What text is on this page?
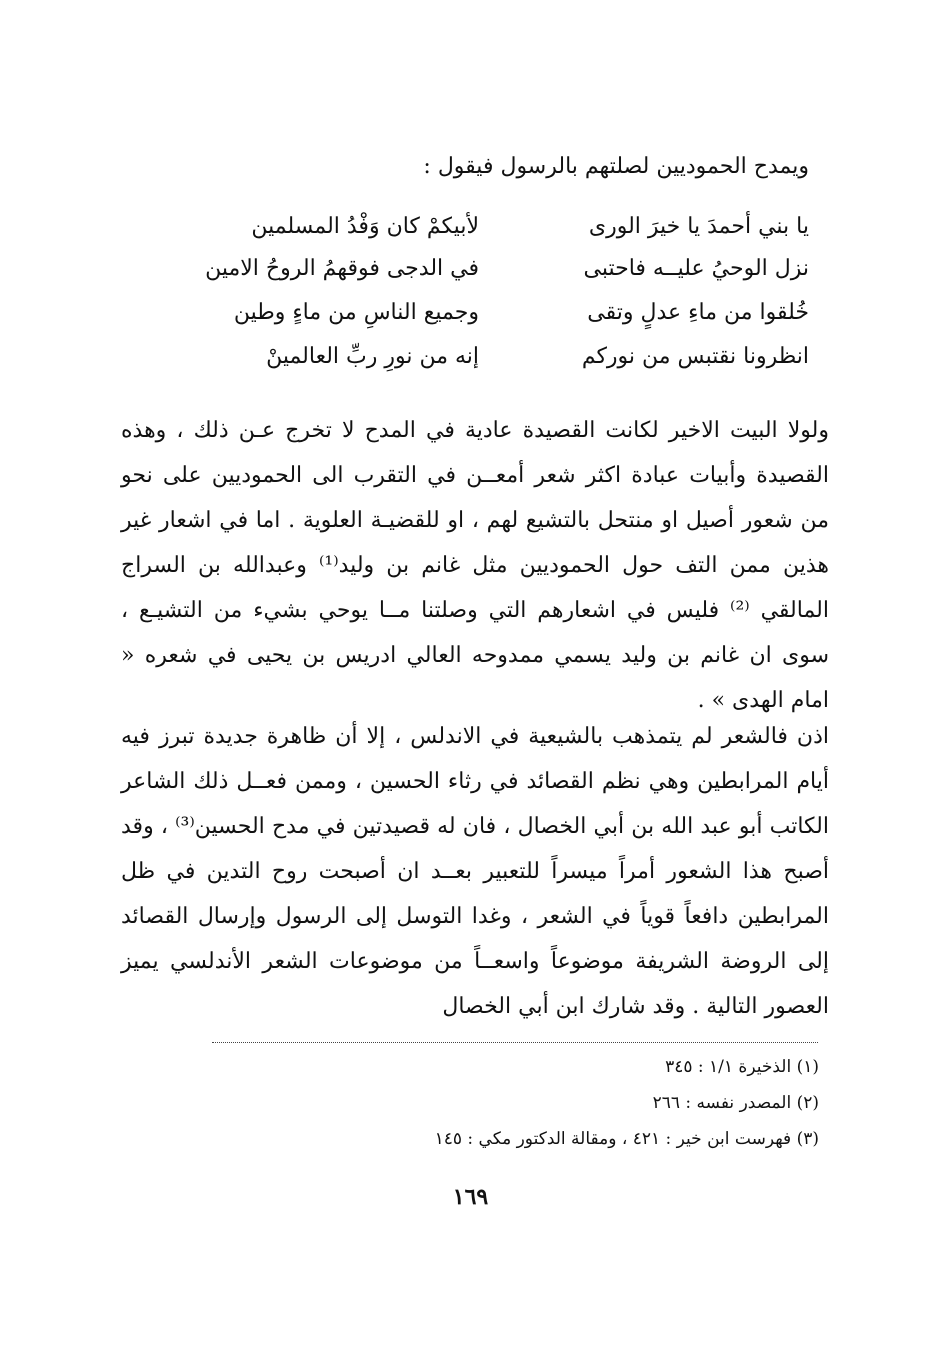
ويمدح الحموديين لصلتهم بالرسول فيقول :
يا بني أحمدَ يا خيرَ الورى
لأبيكمْ كان وَفْدُ المسلمين
نزل الوحيُ عليــه فاحتبى
في الدجى فوقهمُ الروحُ الامين
خُلقوا من ماءِ عدلٍ وتقى
وجميع الناسِ من ماءٍ وطين
انظرونا نقتبس من نوركم
إنه من نورِ ربِّ العالمينْ

ولولا البيت الاخير لكانت القصيدة عادية في المدح لا تخرج عـن ذلك ، وهذه القصيدة وأبيات عبادة اكثر شعر أمعــن في التقرب الى الحموديين على نحو من شعور أصيل او منتحل بالتشيع لهم ، او للقضيـة العلوية . اما في اشعار غير هذين ممن التف حول الحموديين مثل غانم بن وليد⁽¹⁾ وعبدالله بن السراج المالقي ⁽²⁾ فليس في اشعارهم التي وصلتنا مــا يوحي بشيء من التشيـع ، سوى ان غانم بن وليد يسمي ممدوحه العالي ادريس بن يحيى في شعره « امام الهدى » .

اذن فالشعر لم يتمذهب بالشيعية في الاندلس ، إلا أن ظاهرة جديدة تبرز فيه أيام المرابطين وهي نظم القصائد في رثاء الحسين ، وممن فعــل ذلك الشاعر الكاتب أبو عبد الله بن أبي الخصال ، فان له قصيدتين في مدح الحسين⁽³⁾ ، وقد أصبح هذا الشعور أمراً ميسراً للتعبير بعــد ان أصبحت روح التدين في ظل المرابطين دافعاً قوياً في الشعر ، وغدا التوسل إلى الرسول وإرسال القصائد إلى الروضة الشريفة موضوعاً واسعــاً من موضوعات الشعر الأندلسي يميز العصور التالية . وقد شارك ابن أبي الخصال

(١) الذخيرة ١/١ : ٣٤٥
(٢) المصدر نفسه : ٢٦٦
(٣) فهرست ابن خير : ٤٢١ ، ومقالة الدكتور مكي : ١٤٥
١٦٩
